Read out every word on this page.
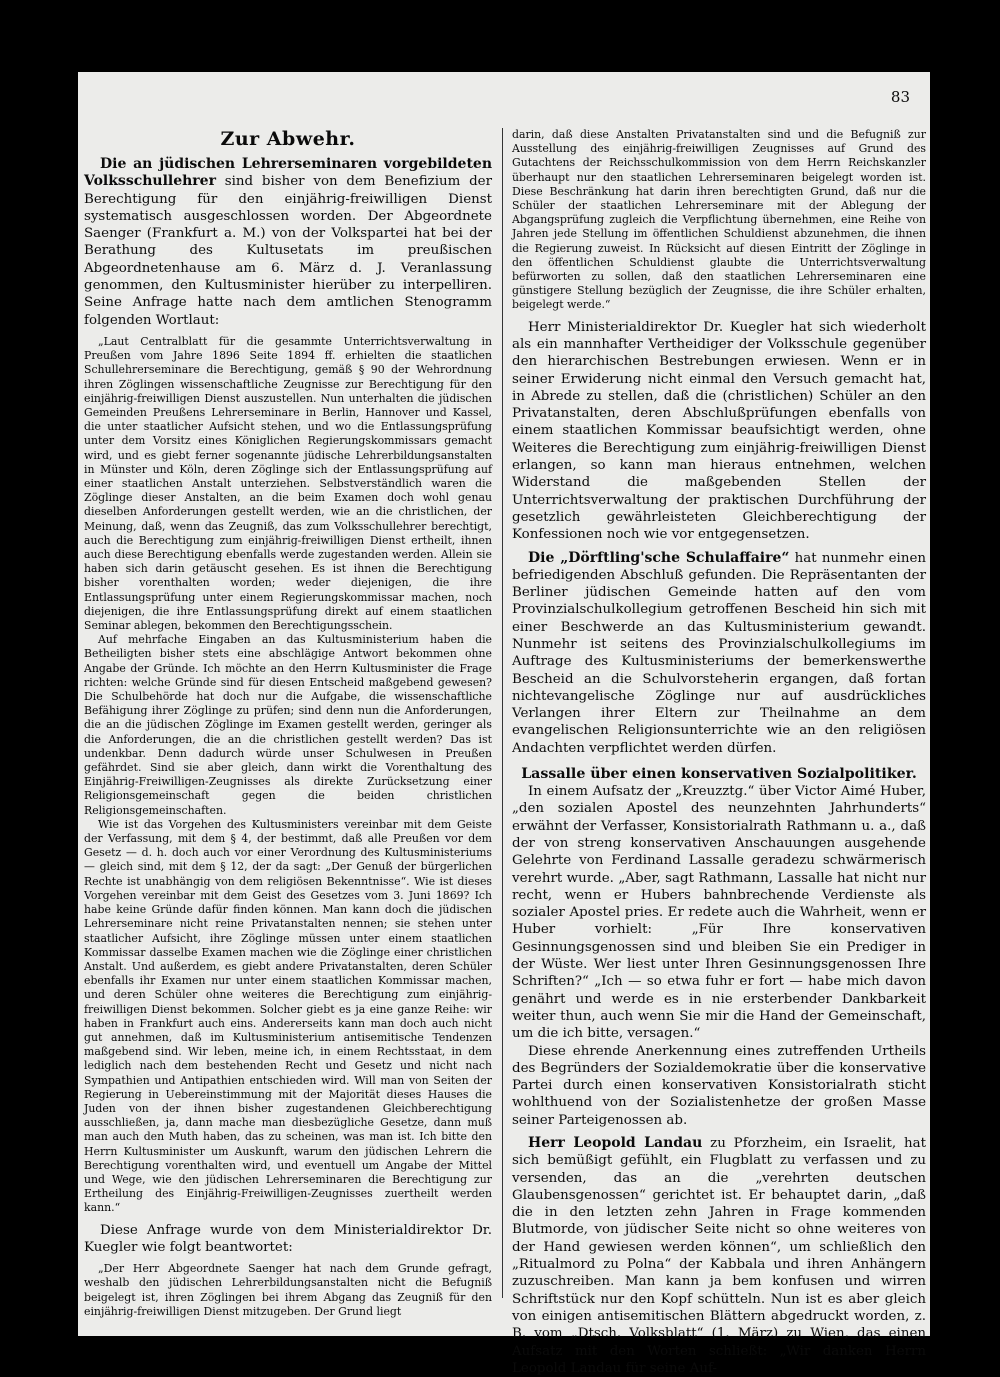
83
Zur Abwehr.

Die an jüdischen Lehrerseminaren vorgebildeten Volksschullehrer sind bisher von dem Benefizium der Berechtigung für den einjährig-freiwilligen Dienst systematisch ausgeschlossen worden. Der Abgeordnete Saenger (Frankfurt a. M.) von der Volkspartei hat bei der Berathung des Kultusetats im preußischen Abgeordnetenhause am 6. März d. J. Veranlassung genommen, den Kultusminister hierüber zu interpelliren. Seine Anfrage hatte nach dem amtlichen Stenogramm folgenden Wortlaut:

„Laut Centralblatt für die gesammte Unterrichtsverwaltung in Preußen vom Jahre 1896 Seite 1894 ff. erhielten die staatlichen Schullehrerseminare die Berechtigung, gemäß § 90 der Wehrordnung ihren Zöglingen wissenschaftliche Zeugnisse zur Berechtigung für den einjährig-freiwilligen Dienst auszustellen. Nun unterhalten die jüdischen Gemeinden Preußens Lehrerseminare in Berlin, Hannover und Kassel, die unter staatlicher Aufsicht stehen, und wo die Entlassungsprüfung unter dem Vorsitz eines Königlichen Regierungskommissars gemacht wird, und es giebt ferner sogenannte jüdische Lehrerbildungsanstalten in Münster und Köln, deren Zöglinge sich der Entlassungsprüfung auf einer staatlichen Anstalt unterziehen. Selbstverständlich waren die Zöglinge dieser Anstalten, an die beim Examen doch wohl genau dieselben Anforderungen gestellt werden, wie an die christlichen, der Meinung, daß, wenn das Zeugniß, das zum Volksschullehrer berechtigt, auch die Berechtigung zum einjährig-freiwilligen Dienst ertheilt, ihnen auch diese Berechtigung ebenfalls werde zugestanden werden. Allein sie haben sich darin getäuscht gesehen. Es ist ihnen die Berechtigung bisher vorenthalten worden; weder diejenigen, die ihre Entlassungsprüfung unter einem Regierungskommissar machen, noch diejenigen, die ihre Entlassungsprüfung direkt auf einem staatlichen Seminar ablegen, bekommen den Berechtigungsschein.

Auf mehrfache Eingaben an das Kultusministerium haben die Betheiligten bisher stets eine abschlägige Antwort bekommen ohne Angabe der Gründe. Ich möchte an den Herrn Kultusminister die Frage richten: welche Gründe sind für diesen Entscheid maßgebend gewesen? Die Schulbehörde hat doch nur die Aufgabe, die wissenschaftliche Befähigung ihrer Zöglinge zu prüfen; sind denn nun die Anforderungen, die an die jüdischen Zöglinge im Examen gestellt werden, geringer als die Anforderungen, die an die christlichen gestellt werden? Das ist undenkbar. Denn dadurch würde unser Schulwesen in Preußen gefährdet. Sind sie aber gleich, dann wirkt die Vorenthaltung des Einjährig-Freiwilligen-Zeugnisses als direkte Zurücksetzung einer Religionsgemeinschaft gegen die beiden christlichen Religionsgemeinschaften.

Wie ist das Vorgehen des Kultusministers vereinbar mit dem Geiste der Verfassung, mit dem § 4, der bestimmt, daß alle Preußen vor dem Gesetz — d. h. doch auch vor einer Verordnung des Kultusministeriums — gleich sind, mit dem § 12, der da sagt: „Der Genuß der bürgerlichen Rechte ist unabhängig von dem religiösen Bekenntnisse“. Wie ist dieses Vorgehen vereinbar mit dem Geist des Gesetzes vom 3. Juni 1869? Ich habe keine Gründe dafür finden können. Man kann doch die jüdischen Lehrerseminare nicht reine Privatanstalten nennen; sie stehen unter staatlicher Aufsicht, ihre Zöglinge müssen unter einem staatlichen Kommissar dasselbe Examen machen wie die Zöglinge einer christlichen Anstalt. Und außerdem, es giebt andere Privatanstalten, deren Schüler ebenfalls ihr Examen nur unter einem staatlichen Kommissar machen, und deren Schüler ohne weiteres die Berechtigung zum einjährig-freiwilligen Dienst bekommen. Solcher giebt es ja eine ganze Reihe: wir haben in Frankfurt auch eins. Andererseits kann man doch auch nicht gut annehmen, daß im Kultusministerium antisemitische Tendenzen maßgebend sind. Wir leben, meine ich, in einem Rechtsstaat, in dem lediglich nach dem bestehenden Recht und Gesetz und nicht nach Sympathien und Antipathien entschieden wird. Will man von Seiten der Regierung in Uebereinstimmung mit der Majorität dieses Hauses die Juden von der ihnen bisher zugestandenen Gleichberechtigung ausschließen, ja, dann mache man diesbezügliche Gesetze, dann muß man auch den Muth haben, das zu scheinen, was man ist. Ich bitte den Herrn Kultusminister um Auskunft, warum den jüdischen Lehrern die Berechtigung vorenthalten wird, und eventuell um Angabe der Mittel und Wege, wie den jüdischen Lehrerseminaren die Berechtigung zur Ertheilung des Einjährig-Freiwilligen-Zeugnisses zuertheilt werden kann.“

Diese Anfrage wurde von dem Ministerialdirektor Dr. Kuegler wie folgt beantwortet:

„Der Herr Abgeordnete Saenger hat nach dem Grunde gefragt, weshalb den jüdischen Lehrerbildungsanstalten nicht die Befugniß beigelegt ist, ihren Zöglingen bei ihrem Abgang das Zeugniß für den einjährig-freiwilligen Dienst mitzugeben. Der Grund liegt

darin, daß diese Anstalten Privatanstalten sind und die Befugniß zur Ausstellung des einjährig-freiwilligen Zeugnisses auf Grund des Gutachtens der Reichsschulkommission von dem Herrn Reichskanzler überhaupt nur den staatlichen Lehrerseminaren beigelegt worden ist. Diese Beschränkung hat darin ihren berechtigten Grund, daß nur die Schüler der staatlichen Lehrerseminare mit der Ablegung der Abgangsprüfung zugleich die Verpflichtung übernehmen, eine Reihe von Jahren jede Stellung im öffentlichen Schuldienst abzunehmen, die ihnen die Regierung zuweist. In Rücksicht auf diesen Eintritt der Zöglinge in den öffentlichen Schuldienst glaubte die Unterrichtsverwaltung befürworten zu sollen, daß den staatlichen Lehrerseminaren eine günstigere Stellung bezüglich der Zeugnisse, die ihre Schüler erhalten, beigelegt werde.“

Herr Ministerialdirektor Dr. Kuegler hat sich wiederholt als ein mannhafter Vertheidiger der Volksschule gegenüber den hierarchischen Bestrebungen erwiesen. Wenn er in seiner Erwiderung nicht einmal den Versuch gemacht hat, in Abrede zu stellen, daß die (christlichen) Schüler an den Privatanstalten, deren Abschlußprüfungen ebenfalls von einem staatlichen Kommissar beaufsichtigt werden, ohne Weiteres die Berechtigung zum einjährig-freiwilligen Dienst erlangen, so kann man hieraus entnehmen, welchen Widerstand die maßgebenden Stellen der Unterrichtsverwaltung der praktischen Durchführung der gesetzlich gewährleisteten Gleichberechtigung der Konfessionen noch wie vor entgegensetzen.

Die „Dörftling'sche Schulaffaire“ hat nunmehr einen befriedigenden Abschluß gefunden. Die Repräsentanten der Berliner jüdischen Gemeinde hatten auf den vom Provinzialschulkollegium getroffenen Bescheid hin sich mit einer Beschwerde an das Kultusministerium gewandt. Nunmehr ist seitens des Provinzialschulkollegiums im Auftrage des Kultusministeriums der bemerkenswerthe Bescheid an die Schulvorsteherin ergangen, daß fortan nichtevangelische Zöglinge nur auf ausdrückliches Verlangen ihrer Eltern zur Theilnahme an dem evangelischen Religionsunterrichte wie an den religiösen Andachten verpflichtet werden dürfen.

Lassalle über einen konservativen Sozialpolitiker.

In einem Aufsatz der „Kreuzztg.“ über Victor Aimé Huber, „den sozialen Apostel des neunzehnten Jahrhunderts“ erwähnt der Verfasser, Konsistorialrath Rathmann u. a., daß der von streng konservativen Anschauungen ausgehende Gelehrte von Ferdinand Lassalle geradezu schwärmerisch verehrt wurde. „Aber, sagt Rathmann, Lassalle hat nicht nur recht, wenn er Hubers bahnbrechende Verdienste als sozialer Apostel pries. Er redete auch die Wahrheit, wenn er Huber vorhielt: „Für Ihre konservativen Gesinnungsgenossen sind und bleiben Sie ein Prediger in der Wüste. Wer liest unter Ihren Gesinnungsgenossen Ihre Schriften?“ „Ich — so etwa fuhr er fort — habe mich davon genährt und werde es in nie ersterbender Dankbarkeit weiter thun, auch wenn Sie mir die Hand der Gemeinschaft, um die ich bitte, versagen.“

Diese ehrende Anerkennung eines zutreffenden Urtheils des Begründers der Sozialdemokratie über die konservative Partei durch einen konservativen Konsistorialrath sticht wohlthuend von der Sozialistenhetze der großen Masse seiner Parteigenossen ab.

Herr Leopold Landau zu Pforzheim, ein Israelit, hat sich bemüßigt gefühlt, ein Flugblatt zu verfassen und zu versenden, das an die „verehrten deutschen Glaubensgenossen“ gerichtet ist. Er behauptet darin, „daß die in den letzten zehn Jahren in Frage kommenden Blutmorde, von jüdischer Seite nicht so ohne weiteres von der Hand gewiesen werden können“, um schließlich den „Ritualmord zu Polna“ der Kabbala und ihren Anhängern zuzuschreiben. Man kann ja bem konfusen und wirren Schriftstück nur den Kopf schütteln. Nun ist es aber gleich von einigen antisemitischen Blättern abgedruckt worden, z. B. vom „Dtsch. Volksblatt“ (1. März) zu Wien, das einen Aufsatz mit den Worten schließt: „Wir danken Herrn Leopold Landau für seine Auf-
